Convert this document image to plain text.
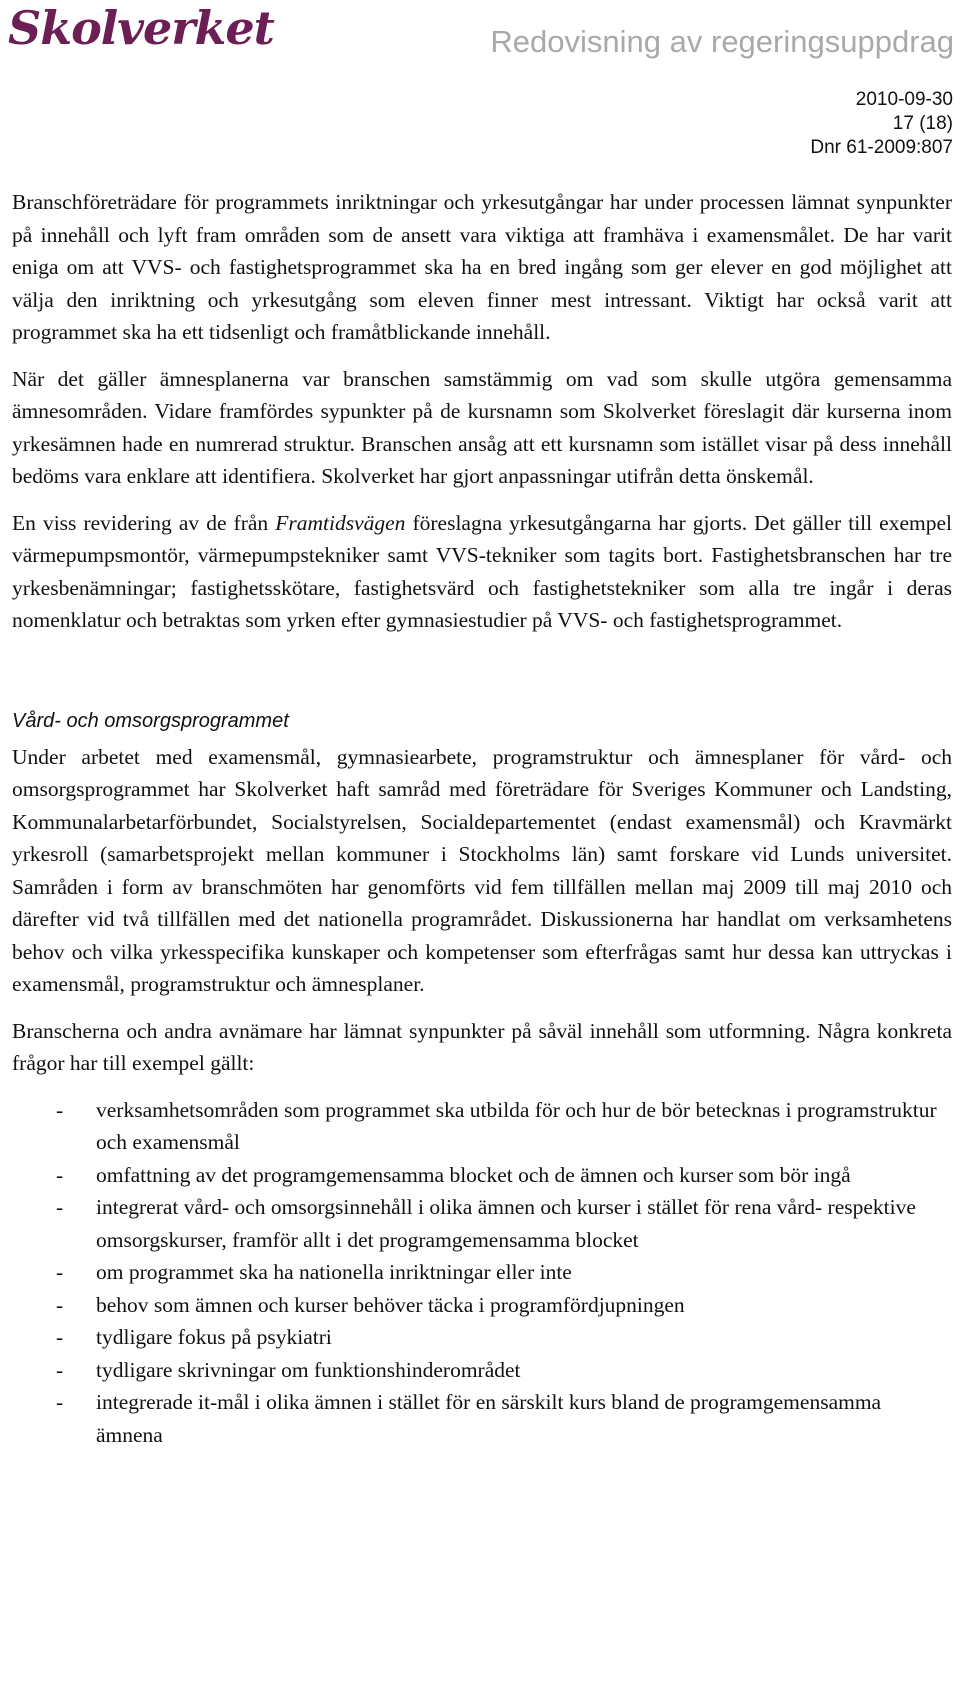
Skolverket	Redovisning av regeringsuppdrag
2010-09-30
17 (18)
Dnr 61-2009:807

Branschföreträdare för programmets inriktningar och yrkesutgångar har under processen lämnat synpunkter på innehåll och lyft fram områden som de ansett vara viktiga att framhäva i examensmålet. De har varit eniga om att VVS- och fastighetsprogrammet ska ha en bred ingång som ger elever en god möjlighet att välja den inriktning och yrkesutgång som eleven finner mest intressant. Viktigt har också varit att programmet ska ha ett tidsenligt och framåtblickande innehåll.

När det gäller ämnesplanerna var branschen samstämmig om vad som skulle utgöra gemensamma ämnesområden. Vidare framfördes sypunkter på de kursnamn som Skolverket föreslagit där kurserna inom yrkesämnen hade en numrerad struktur. Branschen ansåg att ett kursnamn som istället visar på dess innehåll bedöms vara enklare att identifiera. Skolverket har gjort anpassningar utifrån detta önskemål.

En viss revidering av de från Framtidsvägen föreslagna yrkesutgångarna har gjorts. Det gäller till exempel värmepumpsmontör, värmepumpstekniker samt VVS-tekniker som tagits bort. Fastighetsbranschen har tre yrkesbenämningar; fastighetsskötare, fastighetsvärd och fastighetstekniker som alla tre ingår i deras nomenklatur och betraktas som yrken efter gymnasiestudier på VVS- och fastighetsprogrammet.

Vård- och omsorgsprogrammet

Under arbetet med examensmål, gymnasiearbete, programstruktur och ämnesplaner för vård- och omsorgsprogrammet har Skolverket haft samråd med företrädare för Sveriges Kommuner och Landsting, Kommunalarbetarförbundet, Socialstyrelsen, Socialdepartementet (endast examensmål) och Kravmärkt yrkesroll (samarbetsprojekt mellan kommuner i Stockholms län) samt forskare vid Lunds universitet. Samråden i form av branschmöten har genomförts vid fem tillfällen mellan maj 2009 till maj 2010 och därefter vid två tillfällen med det nationella programrådet. Diskussionerna har handlat om verksamhetens behov och vilka yrkesspecifika kunskaper och kompetenser som efterfrågas samt hur dessa kan uttryckas i examensmål, programstruktur och ämnesplaner.

Branscherna och andra avnämare har lämnat synpunkter på såväl innehåll som utformning. Några konkreta frågor har till exempel gällt:

-	verksamhetsområden som programmet ska utbilda för och hur de bör betecknas i programstruktur och examensmål
-	omfattning av det programgemensamma blocket och de ämnen och kurser som bör ingå
-	integrerat vård- och omsorgsinnehåll i olika ämnen och kurser i stället för rena vård- respektive omsorgskurser, framför allt i det programgemensamma blocket
-	om programmet ska ha nationella inriktningar eller inte
-	behov som ämnen och kurser behöver täcka i programfördjupningen
-	tydligare fokus på psykiatri
-	tydligare skrivningar om funktionshinderområdet
-	integrerade it-mål i olika ämnen i stället för en särskilt kurs bland de programgemensamma ämnena
